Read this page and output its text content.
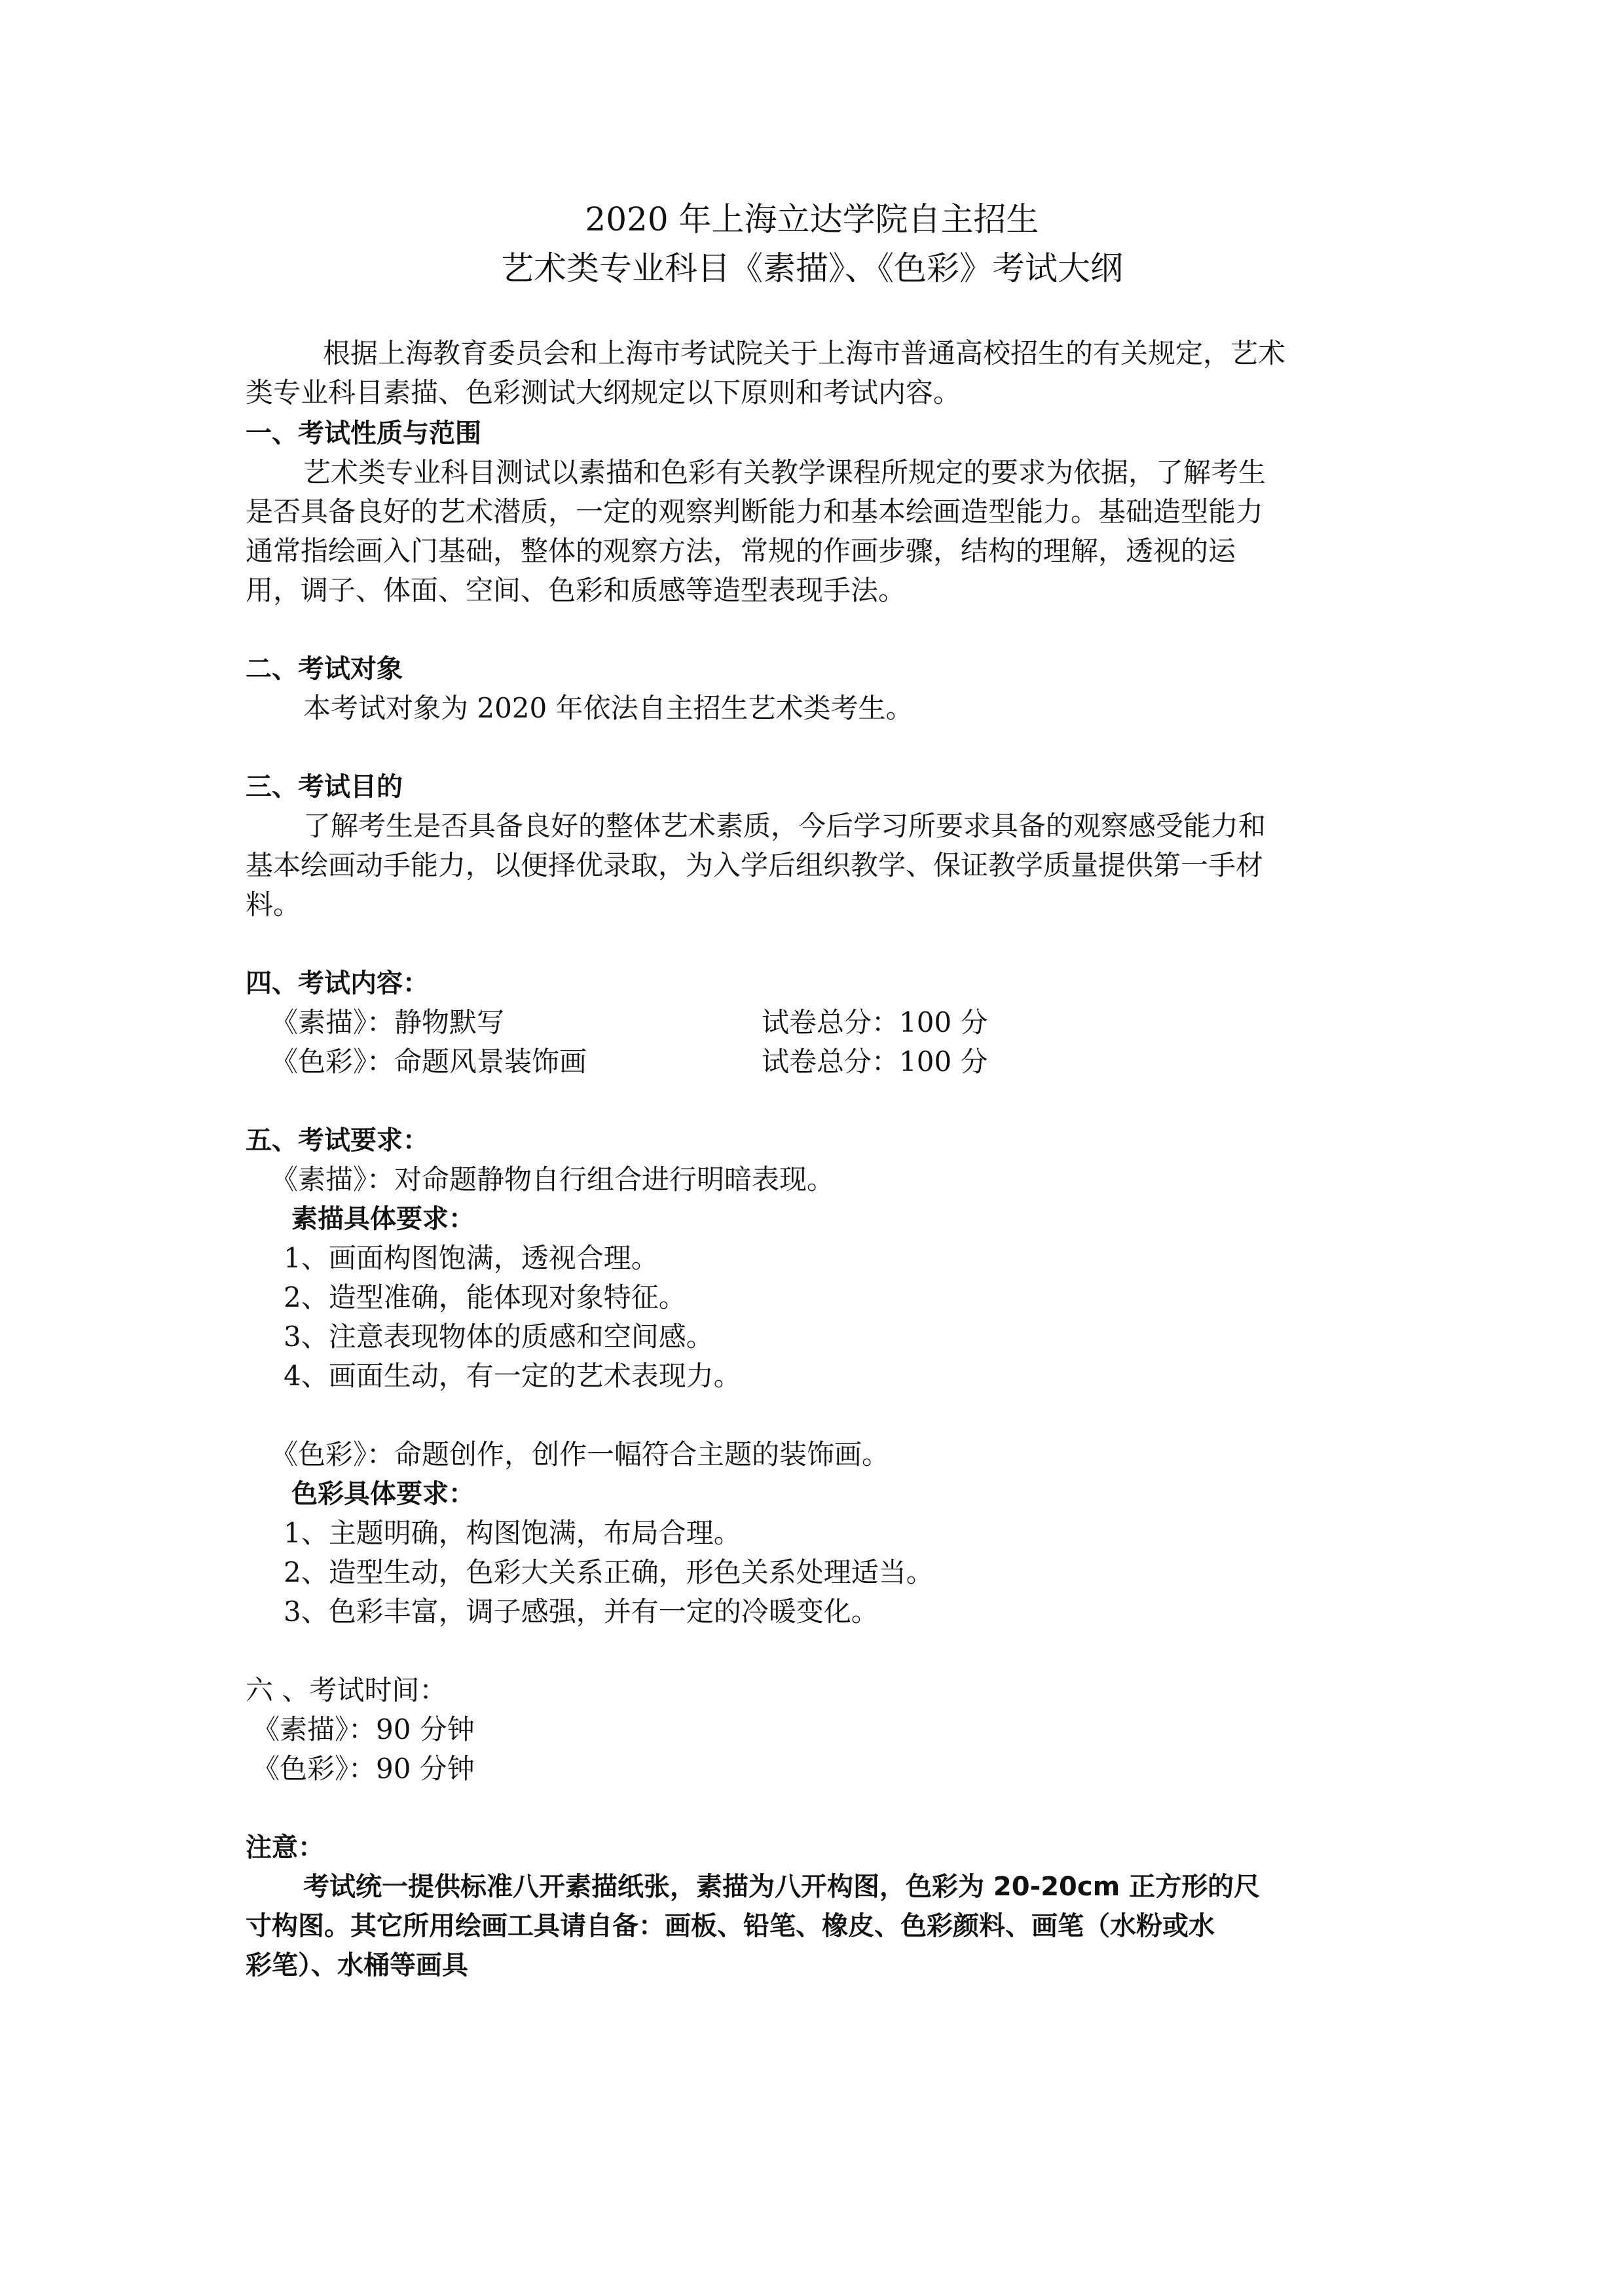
2020 年上海立达学院自主招生
艺术类专业科目《素描》、《色彩》考试大纲

根据上海教育委员会和上海市考试院关于上海市普通高校招生的有关规定，艺术

类专业科目素描、色彩测试大纲规定以下原则和考试内容。

一、考试性质与范围

艺术类专业科目测试以素描和色彩有关教学课程所规定的要求为依据，了解考生

是否具备良好的艺术潜质，一定的观察判断能力和基本绘画造型能力。基础造型能力

通常指绘画入门基础，整体的观察方法，常规的作画步骤，结构的理解，透视的运

用，调子、体面、空间、色彩和质感等造型表现手法。

二、考试对象

本考试对象为 2020 年依法自主招生艺术类考生。

三、考试目的

了解考生是否具备良好的整体艺术素质，今后学习所要求具备的观察感受能力和

基本绘画动手能力，以便择优录取，为入学后组织教学、保证教学质量提供第一手材

料。

四、考试内容：

《素描》：静物默写	试卷总分：100 分

《色彩》：命题风景装饰画	试卷总分：100 分

五、考试要求：

《素描》：对命题静物自行组合进行明暗表现。

素描具体要求：

1、画面构图饱满，透视合理。

2、造型准确，能体现对象特征。

3、注意表现物体的质感和空间感。

4、画面生动，有一定的艺术表现力。

《色彩》：命题创作，创作一幅符合主题的装饰画。

色彩具体要求：

1、主题明确，构图饱满，布局合理。

2、造型生动，色彩大关系正确，形色关系处理适当。

3、色彩丰富，调子感强，并有一定的冷暖变化。

六 、考试时间：

《素描》：90 分钟

《色彩》：90 分钟

注意：

考试统一提供标准八开素描纸张，素描为八开构图，色彩为 20-20cm 正方形的尺

寸构图。其它所用绘画工具请自备：画板、铅笔、橡皮、色彩颜料、画笔（水粉或水

彩笔）、水桶等画具
